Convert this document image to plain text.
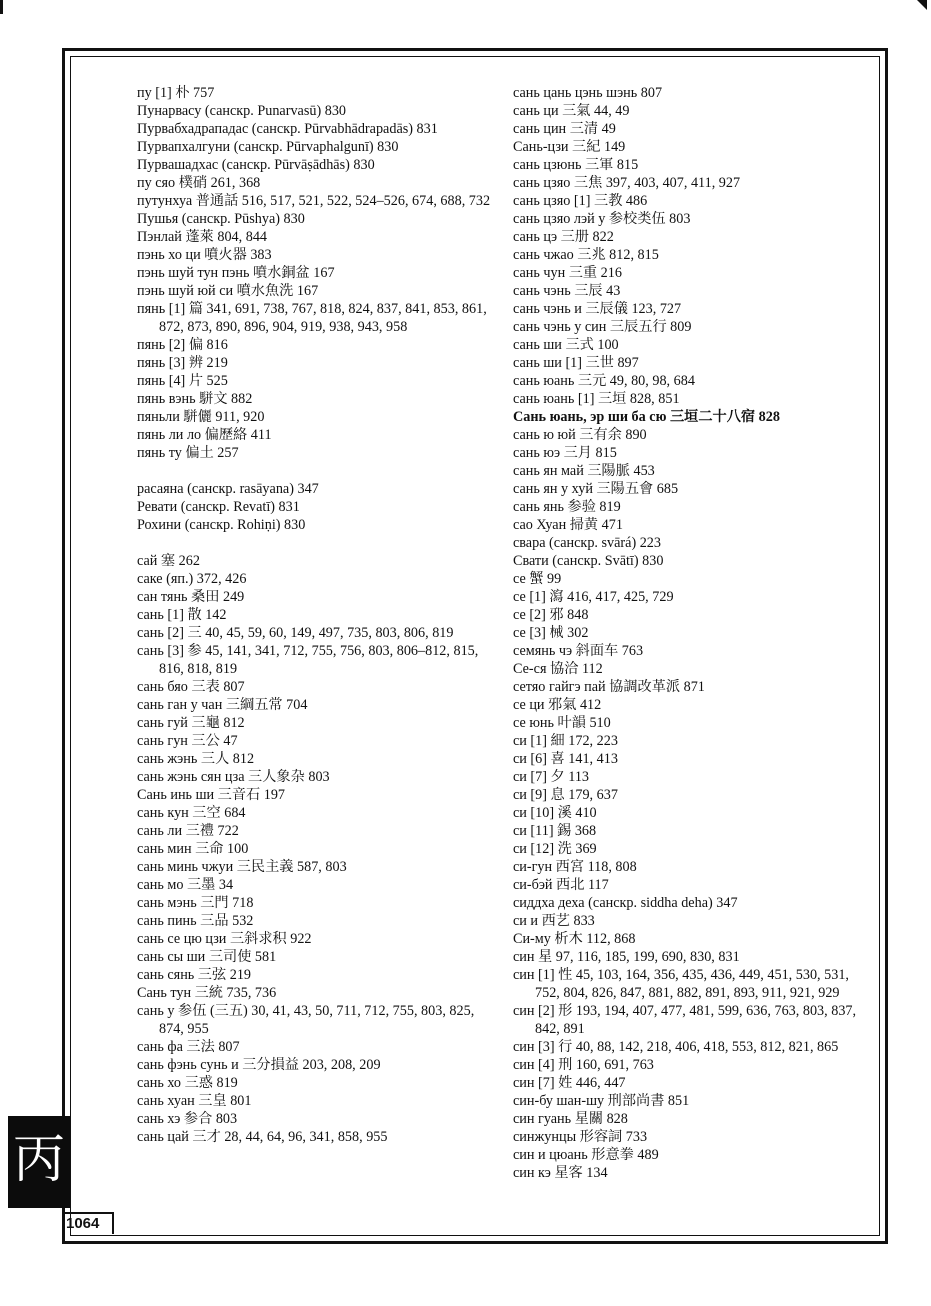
丙
1064

пу [1] 朴 757

Пунарвасу (санскр. Punarvasū) 830

Пурвабхадрападас (санскр. Pūrvabhādrapadās) 831

Пурвапхалгуни (санскр. Pūrvaphalgunī) 830

Пурвашадхас (санскр. Pūrvāṣādhās) 830

пу сяо 樸硝 261, 368

путунхуа 普通話 516, 517, 521, 522, 524–526, 674, 688, 732

Пушья (санскр. Pūshya) 830

Пэнлай 蓬萊 804, 844

пэнь хо ци 噴火器 383

пэнь шуй тун пэнь 噴水銅盆 167

пэнь шуй юй си 噴水魚洗 167

пянь [1] 篇 341, 691, 738, 767, 818, 824, 837, 841, 853, 861, 872, 873, 890, 896, 904, 919, 938, 943, 958

пянь [2] 偏 816

пянь [3] 辨 219

пянь [4] 片 525

пянь вэнь 駢文 882

пяньли 駢儷 911, 920

пянь ли ло 偏歷絡 411

пянь ту 偏土 257

расаяна (санскр. rasāyana) 347

Ревати (санскр. Revatī) 831

Рохини (санскр. Rohiṇi) 830

сай 塞 262

саке (яп.) 372, 426

сан тянь 桑田 249

сань [1] 散 142

сань [2] 三 40, 45, 59, 60, 149, 497, 735, 803, 806, 819

сань [3] 参 45, 141, 341, 712, 755, 756, 803, 806–812, 815, 816, 818, 819

сань бяо 三表 807

сань ган у чан 三綱五常 704

сань гуй 三龜 812

сань гун 三公 47

сань жэнь 三人 812

сань жэнь сян цза 三人象杂 803

Сань инь ши 三音石 197

сань кун 三空 684

сань ли 三禮 722

сань мин 三命 100

сань минь чжуи 三民主義 587, 803

сань мо 三墨 34

сань мэнь 三門 718

сань пинь 三品 532

сань се цю цзи 三斜求积 922

сань сы ши 三司使 581

сань сянь 三弦 219

Сань тун 三統 735, 736

сань у 参伍 (三五) 30, 41, 43, 50, 711, 712, 755, 803, 825, 874, 955

сань фа 三法 807

сань фэнь сунь и 三分損益 203, 208, 209

сань хо 三惑 819

сань хуан 三皇 801

сань хэ 参合 803

сань цай 三才 28, 44, 64, 96, 341, 858, 955

сань цань цэнь шэнь 807

сань ци 三氣 44, 49

сань цин 三清 49

Сань-цзи 三紀 149

сань цзюнь 三軍 815

сань цзяо 三焦 397, 403, 407, 411, 927

сань цзяо [1] 三教 486

сань цзяо лэй у 参校类伍 803

сань цэ 三册 822

сань чжао 三兆 812, 815

сань чун 三重 216

сань чэнь 三辰 43

сань чэнь и 三辰儀 123, 727

сань чэнь у син 三辰五行 809

сань ши 三式 100

сань ши [1] 三世 897

сань юань 三元 49, 80, 98, 684

сань юань [1] 三垣 828, 851

Сань юань, эр ши ба сю 三垣二十八宿 828

сань ю юй 三有余 890

сань юэ 三月 815

сань ян май 三陽脈 453

сань ян у хуй 三陽五會 685

сань янь 参验 819

сао Хуан 掃黄 471

свара (санскр. svārá) 223

Свати (санскр. Svātī) 830

се 蟹 99

се [1] 瀉 416, 417, 425, 729

се [2] 邪 848

се [3] 械 302

семянь чэ 斜面车 763

Се-ся 協洽 112

сетяо гайгэ пай 協調改革派 871

се ци 邪氣 412

се юнь 叶韻 510

си [1] 細 172, 223

си [6] 喜 141, 413

си [7] 夕 113

си [9] 息 179, 637

си [10] 溪 410

си [11] 錫 368

си [12] 洗 369

си-гун 西宮 118, 808

си-бэй 西北 117

сиддха деха (санскр. siddha deha) 347

си и 西艺 833

Си-му 析木 112, 868

син 星 97, 116, 185, 199, 690, 830, 831

син [1] 性 45, 103, 164, 356, 435, 436, 449, 451, 530, 531, 752, 804, 826, 847, 881, 882, 891, 893, 911, 921, 929

син [2] 形 193, 194, 407, 477, 481, 599, 636, 763, 803, 837, 842, 891

син [3] 行 40, 88, 142, 218, 406, 418, 553, 812, 821, 865

син [4] 刑 160, 691, 763

син [7] 姓 446, 447

син-бу шан-шу 刑部尚書 851

син гуань 星關 828

синжунцы 形容詞 733

син и цюань 形意拳 489

син кэ 星客 134
